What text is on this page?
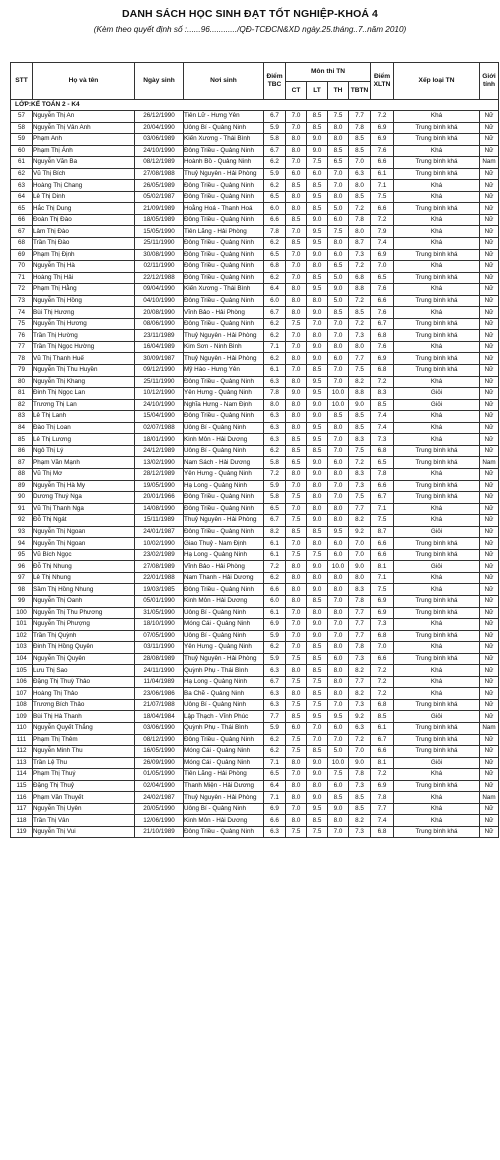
DANH SÁCH HỌC SINH ĐẠT TỐT NGHIỆP-KHOÁ 4
(Kèm theo quyết định số :......96............/QĐ-TCĐCN&XD ngày.25.tháng..7..năm 2010)
STT	Họ và tên	Ngày sinh	Nơi sinh	Điểm TBC	Môn thi TN				Điểm XLTN	Xếp loại TN	Giới tính
					CT	LT	TH	TBTN			
LỚP:KẾ TOÁN 2 - K4											
57	Nguyễn Thị An	26/12/1990	Tiên Lữ - Hưng Yên	6.7	7.0	8.5	7.5	7.7	7.2	Khá	Nữ
58	Nguyễn Thị Vân Anh	20/04/1990	Uông Bí - Quảng Ninh	5.9	7.0	8.5	8.0	7.8	6.9	Trung bình khá	Nữ
59	Phạm Anh	03/06/1989	Kiến Xương - Thái Bình	5.8	8.0	9.0	8.0	8.5	6.9	Trung bình khá	Nữ
60	Phạm Thị Ánh	24/10/1990	Đông Triều - Quảng Ninh	6.7	8.0	9.0	8.5	8.5	7.6	Khá	Nữ
61	Nguyễn Văn Ba	08/12/1989	Hoành Bồ - Quảng Ninh	6.2	7.0	7.5	6.5	7.0	6.6	Trung bình khá	Nam
62	Vũ Thị Bích	27/08/1988	Thuỷ Nguyên - Hải Phòng	5.9	6.0	6.0	7.0	6.3	6.1	Trung bình khá	Nữ
63	Hoàng Thị Chang	26/05/1989	Đông Triều - Quảng Ninh	6.2	8.5	8.5	7.0	8.0	7.1	Khá	Nữ
64	Lê Thị Dinh	05/02/1987	Đông Triều - Quảng Ninh	6.5	8.0	9.5	8.0	8.5	7.5	Khá	Nữ
65	Hắc Thị Dung	21/09/1989	Hoằng Hoá - Thanh Hoá	6.0	8.0	8.5	5.0	7.2	6.6	Trung bình khá	Nữ
66	Đoàn Thị Đào	18/05/1989	Đông Triều - Quảng Ninh	6.6	8.5	9.0	6.0	7.8	7.2	Khá	Nữ
67	Lâm Thị Đào	15/05/1990	Tiên Lãng - Hải Phòng	7.8	7.0	9.5	7.5	8.0	7.9	Khá	Nữ
68	Trần Thị Đào	25/11/1990	Đông Triều - Quảng Ninh	6.2	8.5	9.5	8.0	8.7	7.4	Khá	Nữ
69	Phạm Thị Định	30/08/1990	Đông Triều - Quảng Ninh	6.5	7.0	9.0	6.0	7.3	6.9	Trung bình khá	Nữ
70	Nguyễn Thị Hà	02/11/1990	Đông Triều - Quảng Ninh	6.8	7.0	8.0	6.5	7.2	7.0	Khá	Nữ
71	Hoàng Thị Hải	22/12/1988	Đông Triều - Quảng Ninh	6.2	7.0	8.5	5.0	6.8	6.5	Trung bình khá	Nữ
72	Phạm Thị Hằng	09/04/1990	Kiến Xương - Thái Bình	6.4	8.0	9.5	9.0	8.8	7.6	Khá	Nữ
73	Nguyễn Thị Hồng	04/10/1990	Đông Triều - Quảng Ninh	6.0	8.0	8.0	5.0	7.2	6.6	Trung bình khá	Nữ
74	Bùi Thị Hương	20/08/1990	Vĩnh Bảo - Hải Phòng	6.7	8.0	9.0	8.5	8.5	7.6	Khá	Nữ
75	Nguyễn Thị Hương	08/06/1990	Đông Triều - Quảng Ninh	6.2	7.5	7.0	7.0	7.2	6.7	Trung bình khá	Nữ
76	Trần Thị Hường	23/11/1989	Thuỷ Nguyên - Hải Phòng	6.2	7.0	8.0	7.0	7.3	6.8	Trung bình khá	Nữ
77	Trần Thị Ngọc Hường	16/04/1989	Kim Sơn - Ninh Bình	7.1	7.0	9.0	8.0	8.0	7.6	Khá	Nữ
78	Vũ Thị Thanh Huế	30/09/1987	Thuỷ Nguyên - Hải Phòng	6.2	8.0	9.0	6.0	7.7	6.9	Trung bình khá	Nữ
79	Nguyễn Thị Thu Huyền	09/12/1990	Mỹ Hào - Hưng Yên	6.1	7.0	8.5	7.0	7.5	6.8	Trung bình khá	Nữ
80	Nguyễn Thị Khang	25/11/1990	Đông Triều - Quảng Ninh	6.3	8.0	9.5	7.0	8.2	7.2	Khá	Nữ
81	Đinh Thị Ngọc Lan	10/12/1990	Yên Hưng - Quảng Ninh	7.8	9.0	9.5	10.0	8.8	8.3	Giỏi	Nữ
82	Trương Thị Lan	24/10/1990	Nghĩa Hưng - Nam Định	8.0	8.0	9.0	10.0	9.0	8.5	Giỏi	Nữ
83	Lê Thị Lanh	15/04/1990	Đông Triều - Quảng Ninh	6.3	8.0	9.0	8.5	8.5	7.4	Khá	Nữ
84	Đào Thị Loan	02/07/1988	Uông Bí - Quảng Ninh	6.3	8.0	9.5	8.0	8.5	7.4	Khá	Nữ
85	Lê Thị Lương	18/01/1990	Kinh Môn - Hải Dương	6.3	8.5	9.5	7.0	8.3	7.3	Khá	Nữ
86	Ngô Thị Lý	24/12/1989	Uông Bí - Quảng Ninh	6.2	8.5	8.5	7.0	7.5	6.8	Trung bình khá	Nữ
87	Phạm Văn Mạnh	13/02/1990	Nam Sách - Hải Dương	5.8	6.5	9.0	6.0	7.2	6.5	Trung bình khá	Nam
88	Vũ Thị Mơ	28/12/1989	Yên Hưng - Quảng Ninh	7.2	8.0	9.0	8.0	8.3	7.8	Khá	Nữ
89	Nguyễn Thị Hà My	19/05/1990	Hạ Long - Quảng Ninh	5.9	7.0	8.0	7.0	7.3	6.6	Trung bình khá	Nữ
90	Dương Thuý Nga	20/01/1966	Đông Triều - Quảng Ninh	5.8	7.5	8.0	7.0	7.5	6.7	Trung bình khá	Nữ
91	Vũ Thị Thanh Nga	14/08/1990	Đông Triều - Quảng Ninh	6.5	7.0	8.0	8.0	7.7	7.1	Khá	Nữ
92	Đỗ Thị Ngát	15/11/1989	Thuỷ Nguyên - Hải Phòng	6.7	7.5	9.0	8.0	8.2	7.5	Khá	Nữ
93	Nguyễn Thị Ngoan	24/01/1987	Đông Triều - Quảng Ninh	8.2	8.5	8.5	9.5	9.2	8.7	Giỏi	Nữ
94	Nguyễn Thị Ngoan	10/02/1990	Giao Thuỷ - Nam Định	6.1	7.0	8.0	6.0	7.0	6.6	Trung bình khá	Nữ
95	Vũ Bích Ngọc	23/02/1989	Hạ Long - Quảng Ninh	6.1	7.5	7.5	6.0	7.0	6.6	Trung bình khá	Nữ
96	Đỗ Thị Nhung	27/08/1989	Vĩnh Bảo - Hải Phòng	7.2	8.0	9.0	10.0	9.0	8.1	Giỏi	Nữ
97	Lê Thị Nhung	22/01/1988	Nam Thanh - Hải Dương	6.2	8.0	8.0	8.0	8.0	7.1	Khá	Nữ
98	Sầm Thị Hồng Nhung	19/03/1985	Đông Triều - Quảng Ninh	6.6	8.0	9.0	8.0	8.3	7.5	Khá	Nữ
99	Nguyễn Thị Oanh	05/01/1990	Kinh Môn - Hải Dương	6.0	8.0	8.5	7.0	7.8	6.9	Trung bình khá	Nữ
100	Nguyễn Thị Thu Phương	31/05/1990	Uông Bí - Quảng Ninh	6.1	7.0	8.0	8.0	7.7	6.9	Trung bình khá	Nữ
101	Nguyễn Thị Phượng	18/10/1990	Móng Cái - Quảng Ninh	6.9	7.0	9.0	7.0	7.7	7.3	Khá	Nữ
102	Trần Thị Quỳnh	07/05/1990	Uông Bí - Quảng Ninh	5.9	7.0	9.0	7.0	7.7	6.8	Trung bình khá	Nữ
103	Đinh Thị Hồng Quyên	03/11/1990	Yên Hưng - Quảng Ninh	6.2	7.0	8.5	8.0	7.8	7.0	Khá	Nữ
104	Nguyễn Thị Quyên	28/08/1989	Thuỷ Nguyên - Hải Phòng	5.9	7.5	8.5	6.0	7.3	6.6	Trung bình khá	Nữ
105	Lưu Thị Sao	24/11/1990	Quỳnh Phụ - Thái Bình	6.3	8.0	8.5	8.0	8.2	7.2	Khá	Nữ
106	Đặng Thị Thuỳ Thảo	11/04/1989	Hạ Long - Quảng Ninh	6.7	7.5	7.5	8.0	7.7	7.2	Khá	Nữ
107	Hoàng Thị Thảo	23/06/1986	Ba Chẽ - Quảng Ninh	6.3	8.0	8.5	8.0	8.2	7.2	Khá	Nữ
108	Trương Bích Thảo	21/07/1988	Uông Bí - Quảng Ninh	6.3	7.5	7.5	7.0	7.3	6.8	Trung bình khá	Nữ
109	Bùi Thị Hà Thanh	18/04/1984	Lập Thạch - Vĩnh Phúc	7.7	8.5	9.5	9.5	9.2	8.5	Giỏi	Nữ
110	Nguyễn Quyết Thắng	03/06/1990	Quỳnh Phụ - Thái Bình	5.9	6.0	7.0	6.0	6.3	6.1	Trung bình khá	Nam
111	Phạm Thị Thêm	08/12/1990	Đông Triều - Quảng Ninh	6.2	7.5	7.0	7.0	7.2	6.7	Trung bình khá	Nữ
112	Nguyễn Minh Thu	16/05/1990	Móng Cái - Quảng Ninh	6.2	7.5	8.5	5.0	7.0	6.6	Trung bình khá	Nữ
113	Trần Lệ Thu	26/09/1990	Móng Cái - Quảng Ninh	7.1	8.0	9.0	10.0	9.0	8.1	Giỏi	Nữ
114	Phạm Thị Thuý	01/05/1990	Tiên Lãng - Hải Phòng	6.5	7.0	9.0	7.5	7.8	7.2	Khá	Nữ
115	Đặng Thị Thuỷ	02/04/1990	Thanh Miện - Hải Dương	6.4	8.0	8.0	6.0	7.3	6.9	Trung bình khá	Nữ
116	Phạm Văn Thuyết	24/02/1987	Thuỷ Nguyên - Hải Phòng	7.1	8.0	9.0	8.5	8.5	7.8	Khá	Nam
117	Nguyễn Thị Uyên	20/05/1990	Uông Bí - Quảng Ninh	6.9	7.0	9.5	9.0	8.5	7.7	Khá	Nữ
118	Trần Thị Vân	12/06/1990	Kinh Môn - Hải Dương	6.6	8.0	8.5	8.0	8.2	7.4	Khá	Nữ
119	Nguyễn Thị Vui	21/10/1989	Đông Triều - Quảng Ninh	6.3	7.5	7.5	7.0	7.3	6.8	Trung bình khá	Nữ
